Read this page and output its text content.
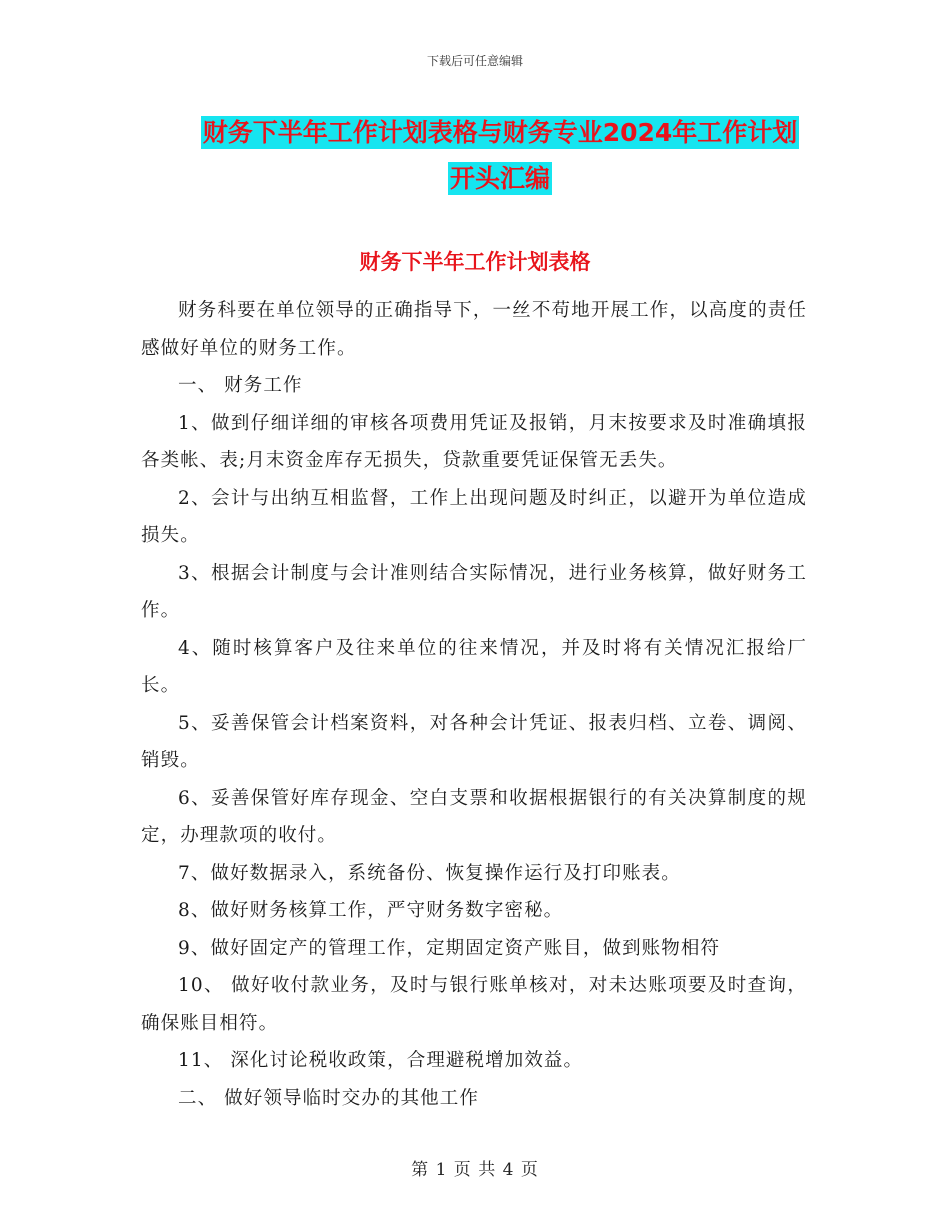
下载后可任意编辑
财务下半年工作计划表格与财务专业2024年工作计划
开头汇编
财务下半年工作计划表格

财务科要在单位领导的正确指导下，一丝不苟地开展工作，以高度的责任感做好单位的财务工作。

一、 财务工作

1、做到仔细详细的审核各项费用凭证及报销，月末按要求及时准确填报各类帐、表;月末资金库存无损失，贷款重要凭证保管无丢失。

2、会计与出纳互相监督，工作上出现问题及时纠正，以避开为单位造成损失。

3、根据会计制度与会计准则结合实际情况，进行业务核算，做好财务工作。

4、随时核算客户及往来单位的往来情况，并及时将有关情况汇报给厂长。

5、妥善保管会计档案资料，对各种会计凭证、报表归档、立卷、调阅、销毁。

6、妥善保管好库存现金、空白支票和收据根据银行的有关决算制度的规定，办理款项的收付。

7、做好数据录入，系统备份、恢复操作运行及打印账表。

8、做好财务核算工作，严守财务数字密秘。

9、做好固定产的管理工作，定期固定资产账目，做到账物相符

10、 做好收付款业务，及时与银行账单核对，对未达账项要及时查询，确保账目相符。

11、 深化讨论税收政策，合理避税增加效益。

二、 做好领导临时交办的其他工作

第 1 页 共 4 页
